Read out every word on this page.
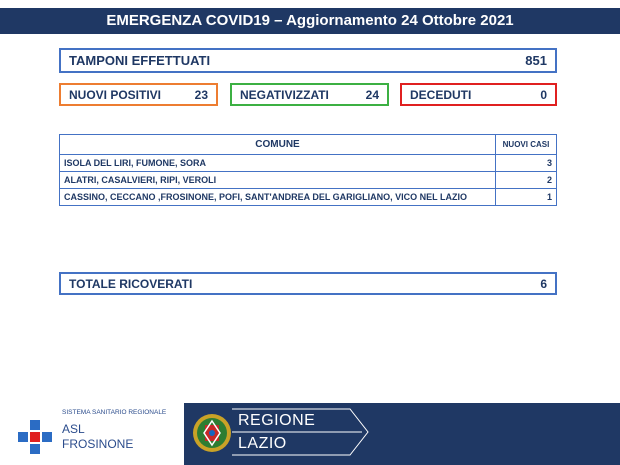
EMERGENZA COVID19 – Aggiornamento 24 Ottobre 2021
TAMPONI EFFETTUATI	851
NUOVI POSITIVI	23	NEGATIVIZZATI	24	DECEDUTI	0
COMUNE	NUOVI CASI
ISOLA DEL LIRI, FUMONE, SORA	3
ALATRI, CASALVIERI, RIPI, VEROLI	2
CASSINO, CECCANO ,FROSINONE, POFI, SANT'ANDREA DEL GARIGLIANO, VICO NEL LAZIO	1
TOTALE RICOVERATI	6
SISTEMA SANITARIO REGIONALE
ASL
FROSINONE
REGIONE
LAZIO
